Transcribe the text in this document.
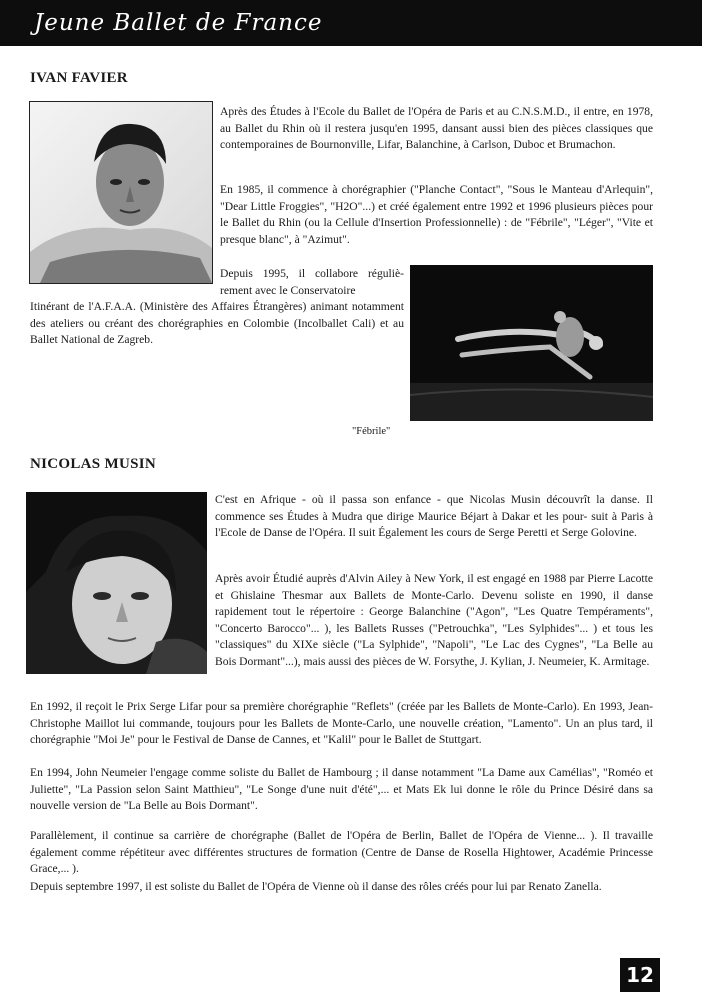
Jeune Ballet de France
IVAN FAVIER

Après des Études à l'Ecole du Ballet de l'Opéra de Paris et au C.N.S.M.D., il entre, en 1978, au Ballet du Rhin où il restera jusqu'en 1995, dansant aussi bien des pièces classiques que contemporaines de Bournonville, Lifar, Balanchine, à Carlson, Duboc et Brumachon.

En 1985, il commence à chorégraphier ("Planche Contact", "Sous le Manteau d'Arlequin", "Dear Little Froggies", "H2O"...) et créé également entre 1992 et 1996 plusieurs pièces pour le Ballet du Rhin (ou la Cellule d'Insertion Professionnelle) : de "Fébrile", "Léger", "Vite et presque blanc", à "Azimut".

Depuis 1995, il collabore réguliè- rement avec le Conservatoire

Itinérant de l'A.F.A.A. (Ministère des Affaires Étrangères) animant notamment des ateliers ou créant des chorégraphies en Colombie (Incolballet Cali) et au Ballet National de Zagreb.

"Fébrile"
NICOLAS MUSIN

C'est en Afrique - où il passa son enfance - que Nicolas Musin découvrît la danse. Il commence ses Études à Mudra que dirige Maurice Béjart à Dakar et les pour- suit à Paris à l'Ecole de Danse de l'Opéra. Il suit Également les cours de Serge Peretti et Serge Golovine.

Après avoir Étudié auprès d'Alvin Ailey à New York, il est engagé en 1988 par Pierre Lacotte et Ghislaine Thesmar aux Ballets de Monte-Carlo. Devenu soliste en 1990, il danse rapidement tout le répertoire : George Balanchine ("Agon", "Les Quatre Tempéraments", "Concerto Barocco"... ), les Ballets Russes ("Petrouchka", "Les Sylphides"... ) et tous les "classiques" du XIXe siècle ("La Sylphide", "Napoli", "Le Lac des Cygnes", "La Belle au Bois Dormant"...), mais aussi des pièces de W. Forsythe, J. Kylian, J. Neumeier, K. Armitage.

En 1992, il reçoit le Prix Serge Lifar pour sa première chorégraphie "Reflets" (créée par les Ballets de Monte-Carlo). En 1993, Jean-Christophe Maillot lui commande, toujours pour les Ballets de Monte-Carlo, une nouvelle création, "Lamento". Un an plus tard, il chorégraphie "Moi Je" pour le Festival de Danse de Cannes, et "Kalil" pour le Ballet de Stuttgart.

En 1994, John Neumeier l'engage comme soliste du Ballet de Hambourg ; il danse notamment "La Dame aux Camélias", "Roméo et Juliette", "La Passion selon Saint Matthieu", "Le Songe d'une nuit d'été",... et Mats Ek lui donne le rôle du Prince Désiré dans sa nouvelle version de "La Belle au Bois Dormant".

Parallèlement, il continue sa carrière de chorégraphe (Ballet de l'Opéra de Berlin, Ballet de l'Opéra de Vienne... ). Il travaille également comme répétiteur avec différentes structures de formation (Centre de Danse de Rosella Hightower, Académie Princesse Grace,... ).

Depuis septembre 1997, il est soliste du Ballet de l'Opéra de Vienne où il danse des rôles créés pour lui par Renato Zanella.

12
